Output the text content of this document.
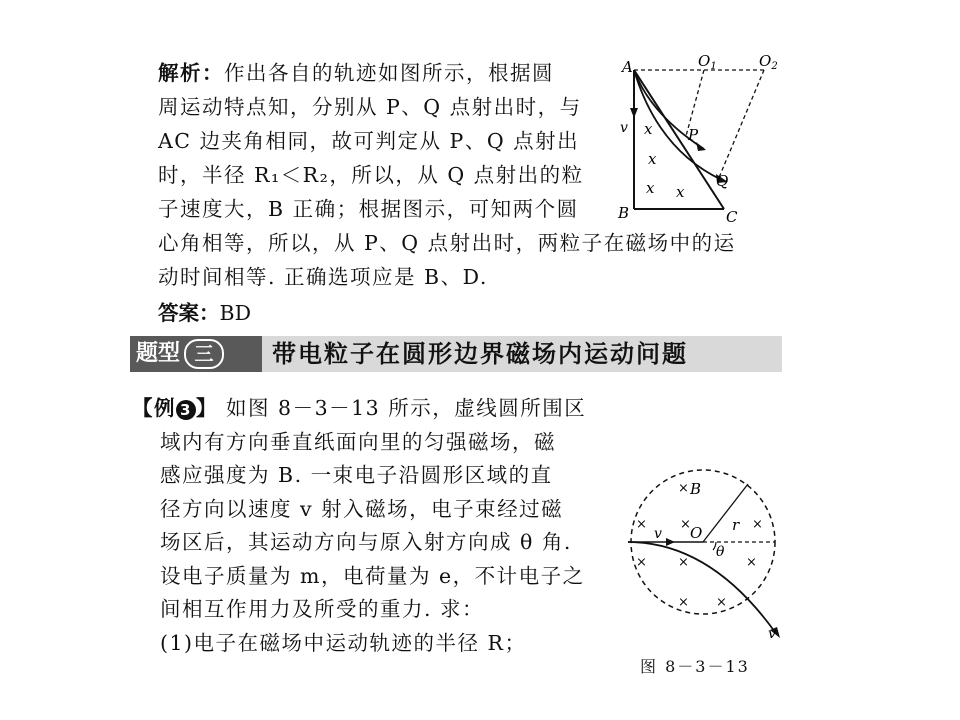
解析：作出各自的轨迹如图所示，根据圆
周运动特点知，分别从 P、Q 点射出时，与
AC 边夹角相同，故可判定从 P、Q 点射出
时，半径 R₁＜R₂，所以，从 Q 点射出的粒
子速度大，B 正确；根据图示，可知两个圆
心角相等，所以，从 P、Q 点射出时，两粒子在磁场中的运
动时间相等. 正确选项应是 B、D.
答案：BD
x
x
x x
A
B	C
$O_1$	$O_2$
P
Q
v
题型 三	带电粒子在圆形边界磁场内运动问题
【例 3 】 如图 8－3－13 所示，虚线圆所围区
域内有方向垂直纸面向里的匀强磁场，磁
感应强度为 B. 一束电子沿圆形区域的直
径方向以速度 v 射入磁场，电子束经过磁
场区后，其运动方向与原入射方向成 θ 角.
设电子质量为 m，电荷量为 e，不计电子之
间相互作用力及所受的重力. 求：
(1)电子在磁场中运动轨迹的半径 R；
×
×	×	×
× ×
× ×
×
B
O r
θ
v
v
图 8－3－13
